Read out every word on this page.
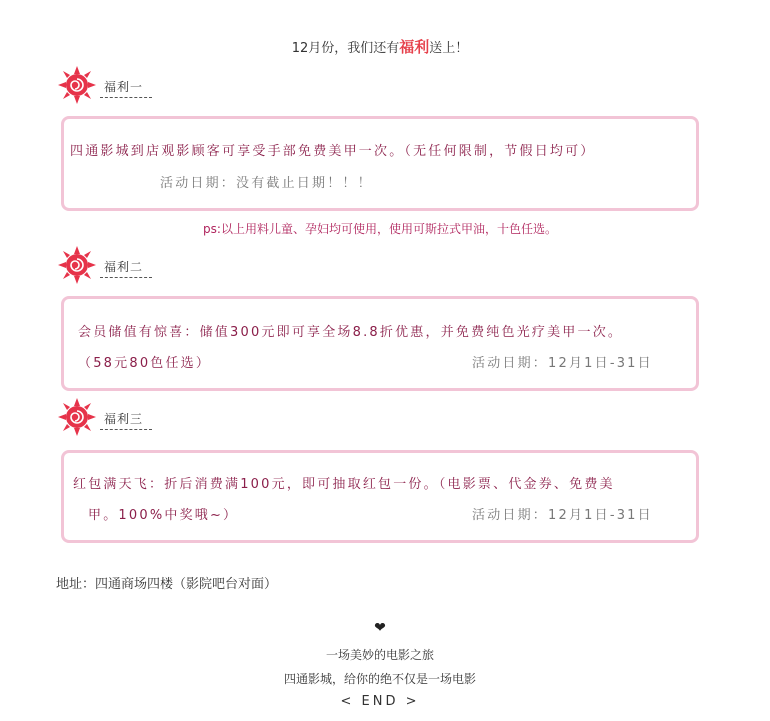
12月份，我们还有福利送上！
福利一
四通影城到店观影顾客可享受手部免费美甲一次。（无任何限制，节假日均可）
活动日期：没有截止日期！！！
ps:以上用料儿童、孕妇均可使用，使用可斯拉式甲油，十色任选。
福利二
会员储值有惊喜：储值300元即可享全场8.8折优惠，并免费纯色光疗美甲一次。
（58元80色任选）	活动日期：12月1日-31日
福利三
红包满天飞：折后消费满100元，即可抽取红包一份。（电影票、代金券、免费美
甲。100%中奖哦~）	活动日期：12月1日-31日
地址：四通商场四楼（影院吧台对面）
❤
一场美妙的电影之旅
四通影城，给你的绝不仅是一场电影
< END >
